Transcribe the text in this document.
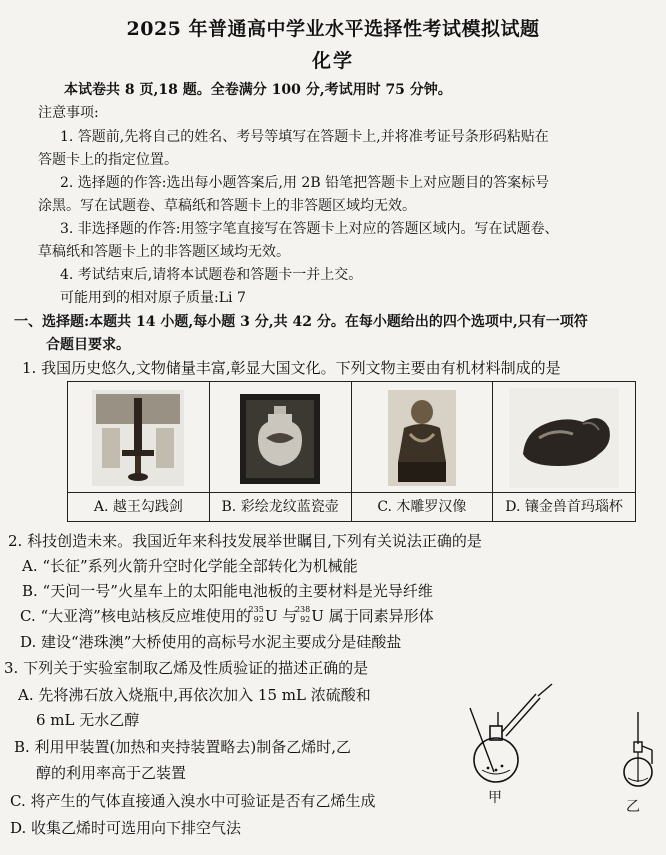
2025 年普通高中学业水平选择性考试模拟试题
化学
本试卷共 8 页,18 题。全卷满分 100 分,考试用时 75 分钟。
注意事项:
1. 答题前,先将自己的姓名、考号等填写在答题卡上,并将准考证号条形码粘贴在
答题卡上的指定位置。
2. 选择题的作答:选出每小题答案后,用 2B 铅笔把答题卡上对应题目的答案标号
涂黑。写在试题卷、草稿纸和答题卡上的非答题区域均无效。
3. 非选择题的作答:用签字笔直接写在答题卡上对应的答题区域内。写在试题卷、
草稿纸和答题卡上的非答题区域均无效。
4. 考试结束后,请将本试题卷和答题卡一并上交。
可能用到的相对原子质量:Li 7
一、选择题:本题共 14 小题,每小题 3 分,共 42 分。在每小题给出的四个选项中,只有一项符
合题目要求。
1. 我国历史悠久,文物储量丰富,彰显大国文化。下列文物主要由有机材料制成的是
A. 越王勾践剑	B. 彩绘龙纹蓝瓷壶	C. 木雕罗汉像	D. 镶金兽首玛瑙杯
2. 科技创造未来。我国近年来科技发展举世瞩目,下列有关说法正确的是
A. “长征”系列火箭升空时化学能全部转化为机械能
B. “天问一号”火星车上的太阳能电池板的主要材料是光导纤维
C. “大亚湾”核电站核反应堆使用的
235
92 U 与
238
92 U 属于同素异形体
D. 建设“港珠澳”大桥使用的高标号水泥主要成分是硅酸盐
3. 下列关于实验室制取乙烯及性质验证的描述正确的是
A. 先将沸石放入烧瓶中,再依次加入 15 mL 浓硫酸和
6 mL 无水乙醇
B. 利用甲装置(加热和夹持装置略去)制备乙烯时,乙
醇的利用率高于乙装置
C. 将产生的气体直接通入溴水中可验证是否有乙烯生成
D. 收集乙烯时可选用向下排空气法
甲
乙
